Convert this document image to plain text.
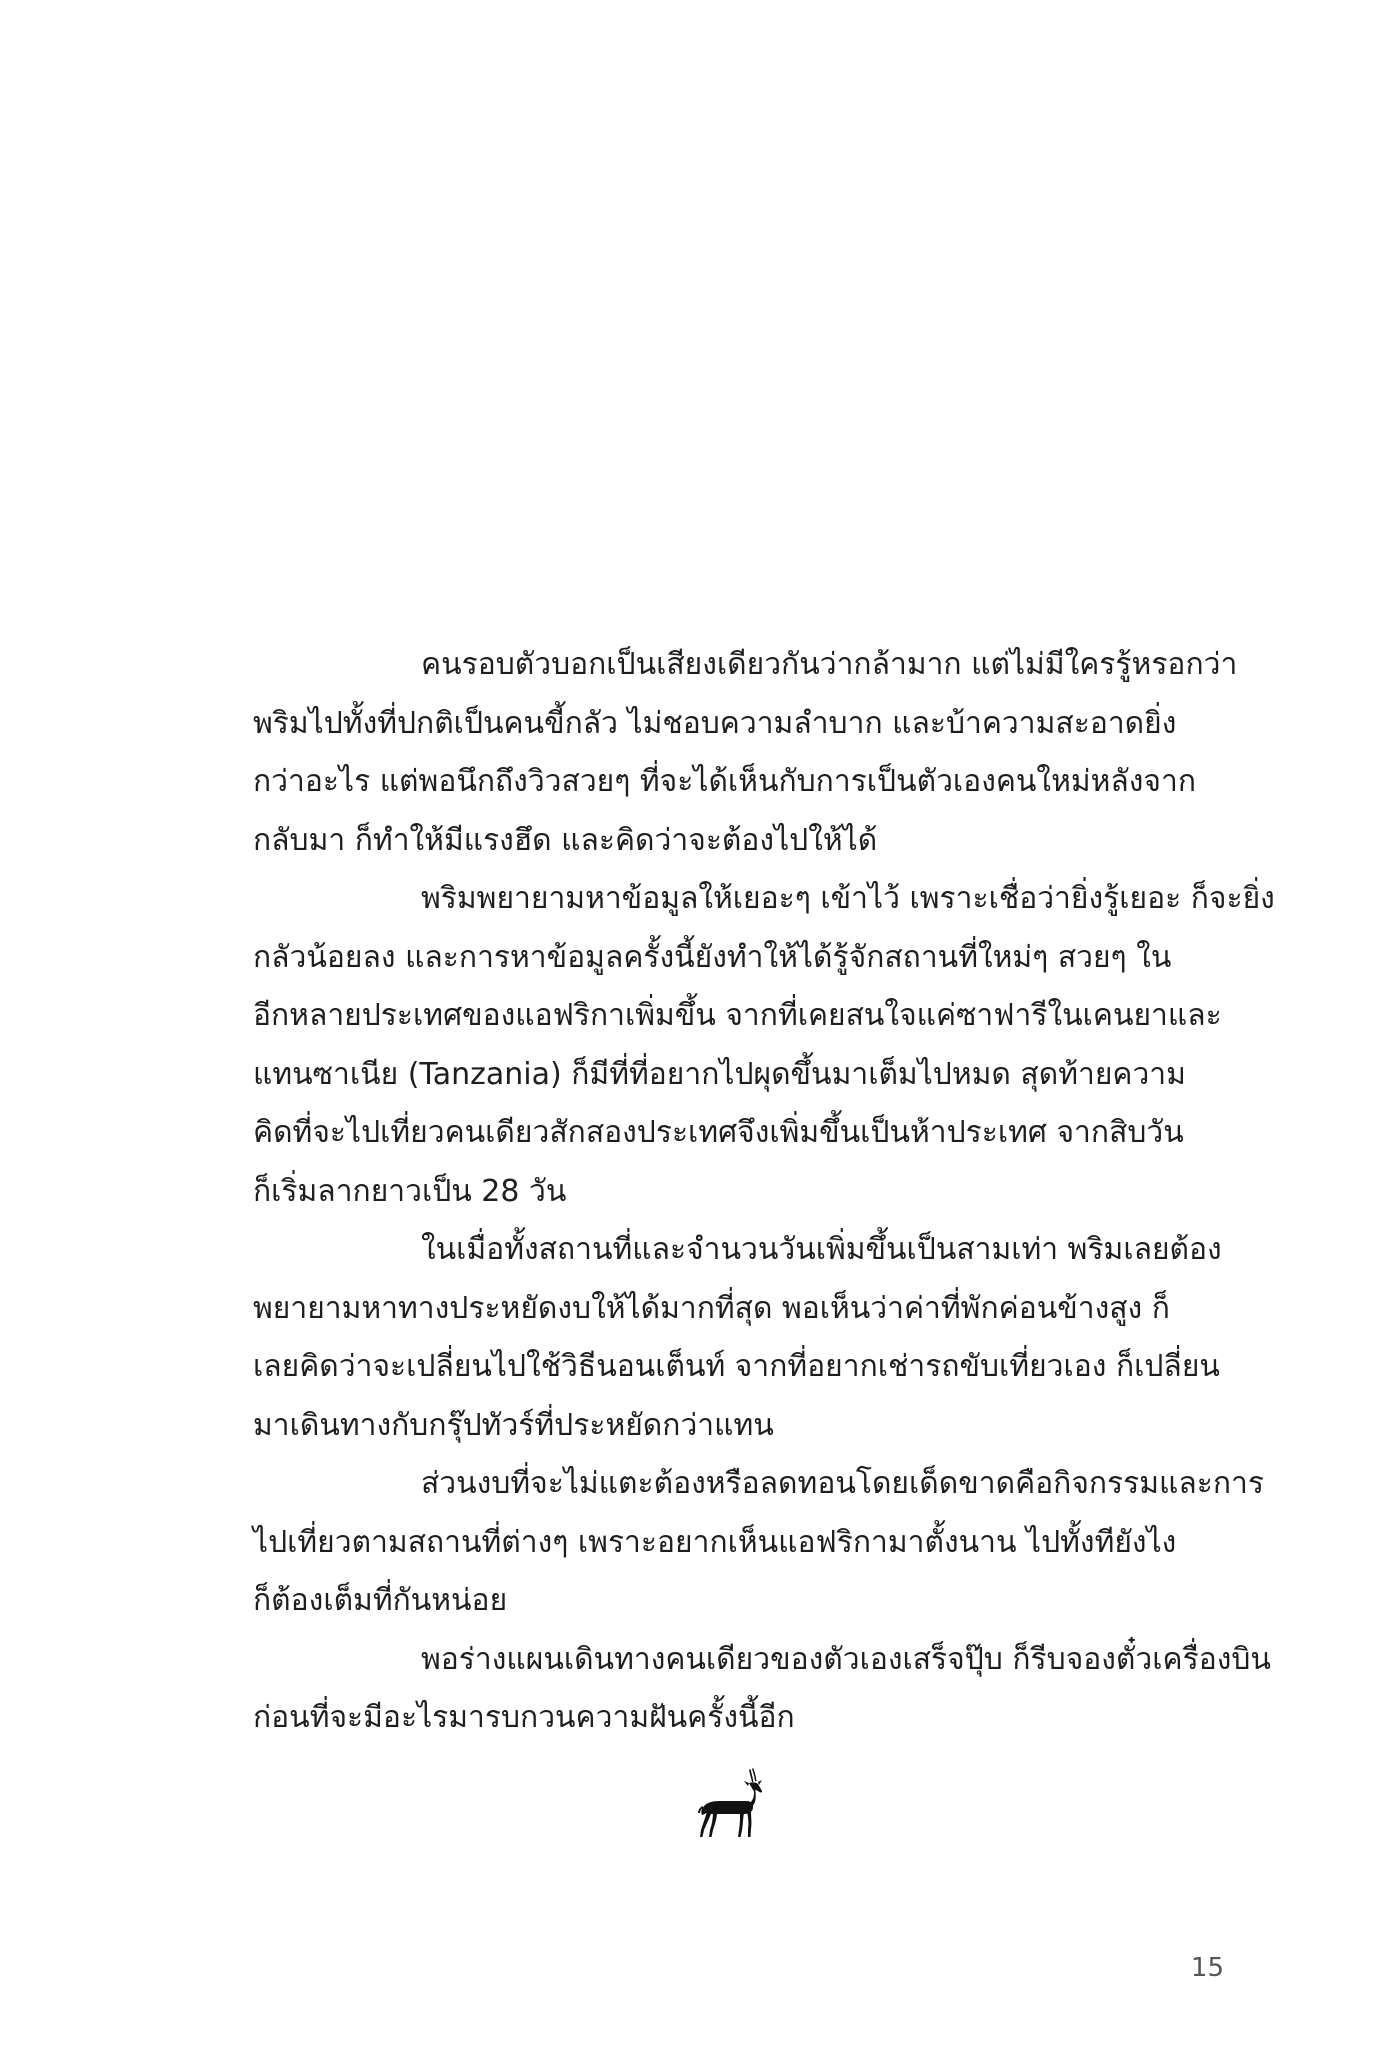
คนรอบตัวบอกเป็นเสียงเดียวกันว่ากล้ามาก แต่ไม่มีใครรู้หรอกว่า
พริมไปทั้งที่ปกติเป็นคนขี้กลัว ไม่ชอบความลำบาก และบ้าความสะอาดยิ่ง
กว่าอะไร แต่พอนึกถึงวิวสวยๆ ที่จะได้เห็นกับการเป็นตัวเองคนใหม่หลังจาก
กลับมา ก็ทำให้มีแรงฮึด และคิดว่าจะต้องไปให้ได้

พริมพยายามหาข้อมูลให้เยอะๆ เข้าไว้ เพราะเชื่อว่ายิ่งรู้เยอะ ก็จะยิ่ง
กลัวน้อยลง และการหาข้อมูลครั้งนี้ยังทำให้ได้รู้จักสถานที่ใหม่ๆ สวยๆ ใน
อีกหลายประเทศของแอฟริกาเพิ่มขึ้น จากที่เคยสนใจแค่ซาฟารีในเคนยาและ
แทนซาเนีย (Tanzania) ก็มีที่ที่อยากไปผุดขึ้นมาเต็มไปหมด สุดท้ายความ
คิดที่จะไปเที่ยวคนเดียวสักสองประเทศจึงเพิ่มขึ้นเป็นห้าประเทศ จากสิบวัน
ก็เริ่มลากยาวเป็น 28 วัน

ในเมื่อทั้งสถานที่และจำนวนวันเพิ่มขึ้นเป็นสามเท่า พริมเลยต้อง
พยายามหาทางประหยัดงบให้ได้มากที่สุด พอเห็นว่าค่าที่พักค่อนข้างสูง ก็
เลยคิดว่าจะเปลี่ยนไปใช้วิธีนอนเต็นท์ จากที่อยากเช่ารถขับเที่ยวเอง ก็เปลี่ยน
มาเดินทางกับกรุ๊ปทัวร์ที่ประหยัดกว่าแทน

ส่วนงบที่จะไม่แตะต้องหรือลดทอนโดยเด็ดขาดคือกิจกรรมและการ
ไปเที่ยวตามสถานที่ต่างๆ เพราะอยากเห็นแอฟริกามาตั้งนาน ไปทั้งทียังไง
ก็ต้องเต็มที่กันหน่อย

พอร่างแผนเดินทางคนเดียวของตัวเองเสร็จปุ๊บ ก็รีบจองตั๋วเครื่องบิน
ก่อนที่จะมีอะไรมารบกวนความฝันครั้งนี้อีก

15
